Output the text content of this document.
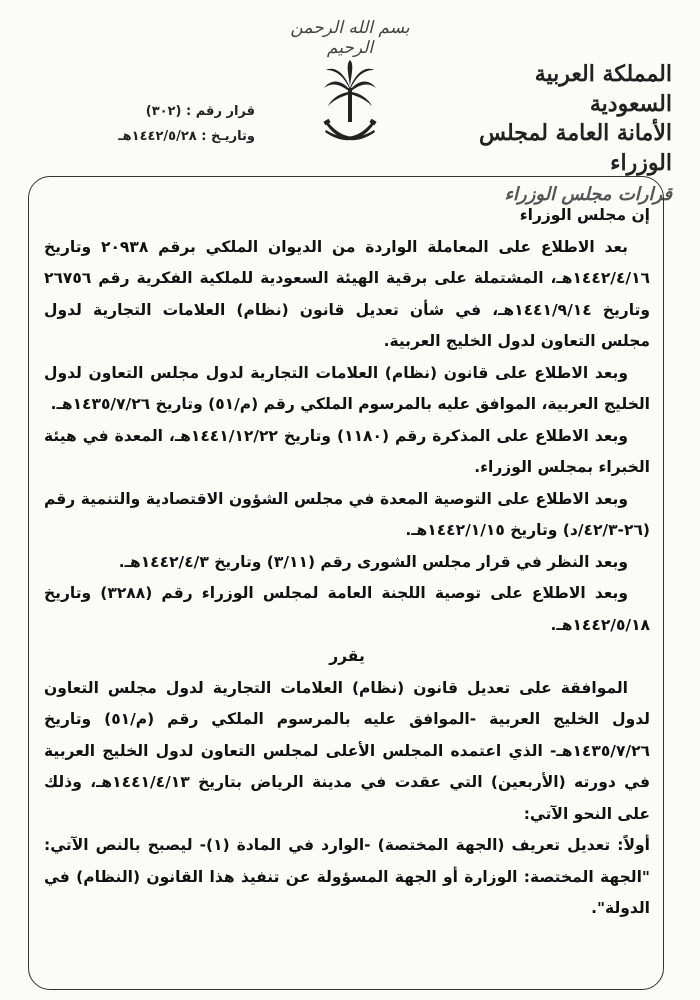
بسم الله الرحمن الرحيم
المملكة العربية السعودية
الأمانة العامة لمجلس الوزراء
قرارات مجلس الوزراء
قرار رقم : (٣٠٢)
وتاريـخ : ١٤٤٢/٥/٢٨هـ

إن مجلس الوزراء

بعد الاطلاع على المعاملة الواردة من الديوان الملكي برقم ٢٠٩٣٨ وتاريخ ١٤٤٢/٤/١٦هـ، المشتملة على برقية الهيئة السعودية للملكية الفكرية رقم ٢٦٧٥٦ وتاريخ ١٤٤١/٩/١٤هـ، في شأن تعديل قانون (نظام) العلامات التجارية لدول مجلس التعاون لدول الخليج العربية.

وبعد الاطلاع على قانون (نظام) العلامات التجارية لدول مجلس التعاون لدول الخليج العربية، الموافق عليه بالمرسوم الملكي رقم (م/٥١) وتاريخ ١٤٣٥/٧/٢٦هـ.

وبعد الاطلاع على المذكرة رقم (١١٨٠) وتاريخ ١٤٤١/١٢/٢٢هـ، المعدة في هيئة الخبراء بمجلس الوزراء.

وبعد الاطلاع على التوصية المعدة في مجلس الشؤون الاقتصادية والتنمية رقم (٢٦-٤٢/٣/د) وتاريخ ١٤٤٢/١/١٥هـ.

وبعد النظر في قرار مجلس الشورى رقم (٣/١١) وتاريخ ١٤٤٢/٤/٣هـ.

وبعد الاطلاع على توصية اللجنة العامة لمجلس الوزراء رقم (٣٢٨٨) وتاريخ ١٤٤٢/٥/١٨هـ.

يقرر

الموافقة على تعديل قانون (نظام) العلامات التجارية لدول مجلس التعاون لدول الخليج العربية -الموافق عليه بالمرسوم الملكي رقم (م/٥١) وتاريخ ١٤٣٥/٧/٢٦هـ- الذي اعتمده المجلس الأعلى لمجلس التعاون لدول الخليج العربية في دورته (الأربعين) التي عقدت في مدينة الرياض بتاريخ ١٤٤١/٤/١٣هـ، وذلك على النحو الآتي:

أولاً: تعديل تعريف (الجهة المختصة) -الوارد في المادة (١)- ليصبح بالنص الآتي: "الجهة المختصة: الوزارة أو الجهة المسؤولة عن تنفيذ هذا القانون (النظام) في الدولة".
